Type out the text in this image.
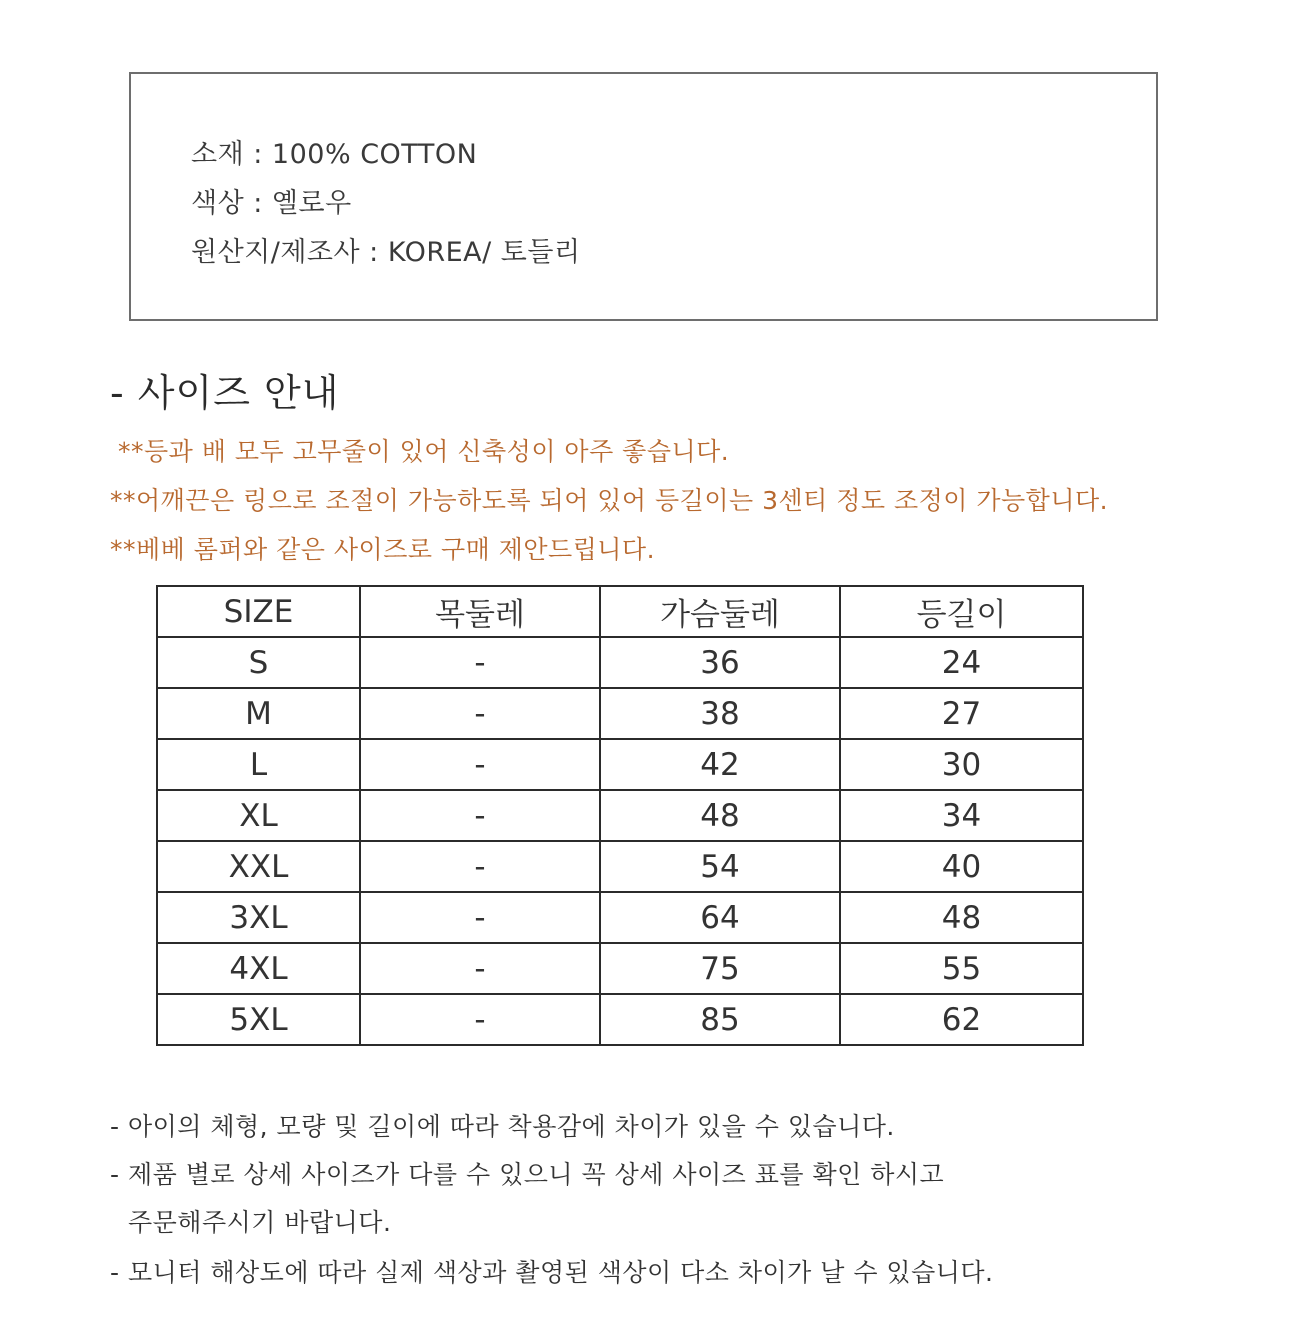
소재 : 100% COTTON
색상 : 옐로우
원산지/제조사 : KOREA/ 토들리
- 사이즈 안내
**등과 배 모두 고무줄이 있어 신축성이 아주 좋습니다.
**어깨끈은 링으로 조절이 가능하도록 되어 있어 등길이는 3센티 정도 조정이 가능합니다.
**베베 롬퍼와 같은 사이즈로 구매 제안드립니다.
SIZE	목둘레	가슴둘레	등길이
S	-	36	24
M	-	38	27
L	-	42	30
XL	-	48	34
XXL	-	54	40
3XL	-	64	48
4XL	-	75	55
5XL	-	85	62
- 아이의 체형, 모량 및 길이에 따라 착용감에 차이가 있을 수 있습니다.
- 제품 별로 상세 사이즈가 다를 수 있으니 꼭 상세 사이즈 표를 확인 하시고
주문해주시기 바랍니다.
- 모니터 해상도에 따라 실제 색상과 촬영된 색상이 다소 차이가 날 수 있습니다.
